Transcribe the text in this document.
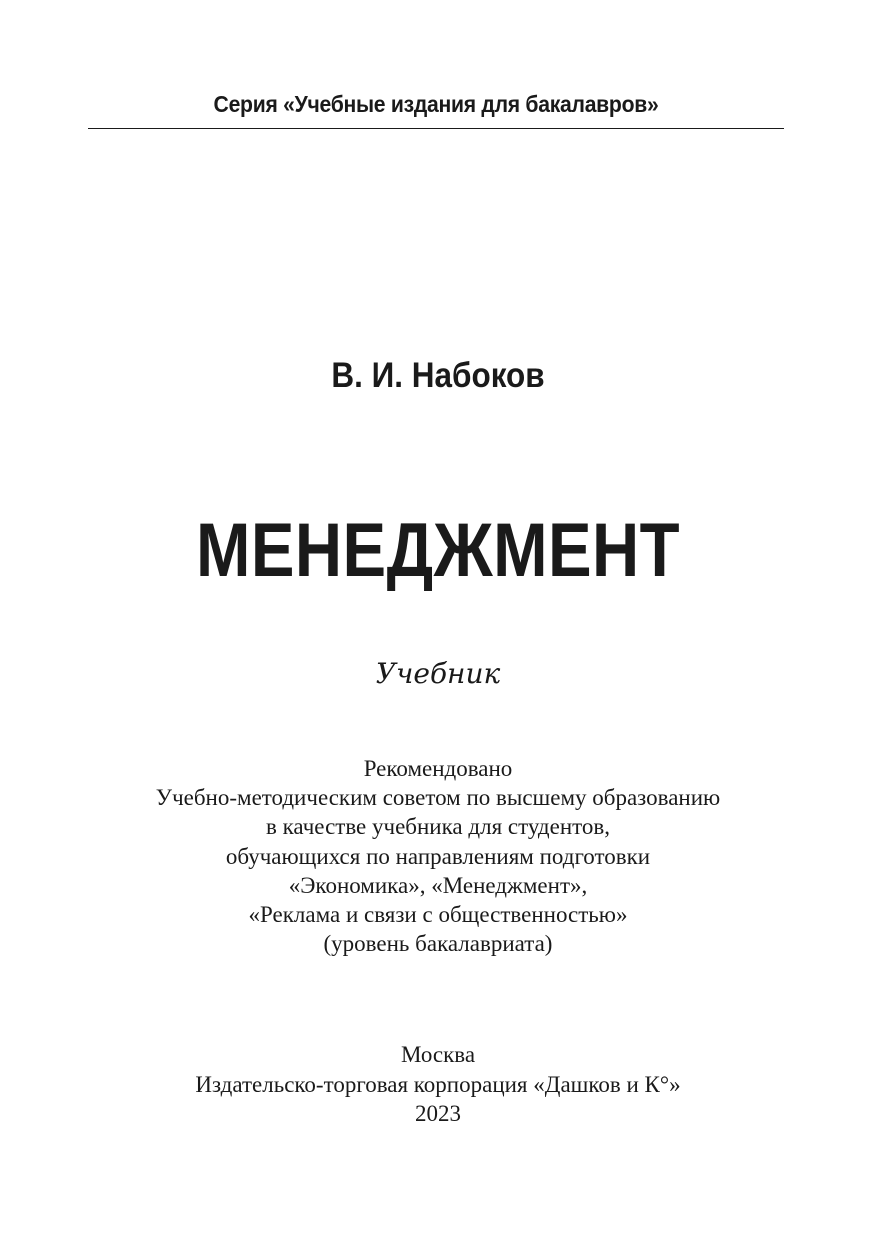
Серия «Учебные издания для бакалавров»
В. И. Набоков
МЕНЕДЖМЕНТ
Учебник
Рекомендовано
Учебно-методическим советом по высшему образованию
в качестве учебника для студентов,
обучающихся по направлениям подготовки
«Экономика», «Менеджмент»,
«Реклама и связи с общественностью»
(уровень бакалавриата)
Москва
Издательско-торговая корпорация «Дашков и К°»
2023
